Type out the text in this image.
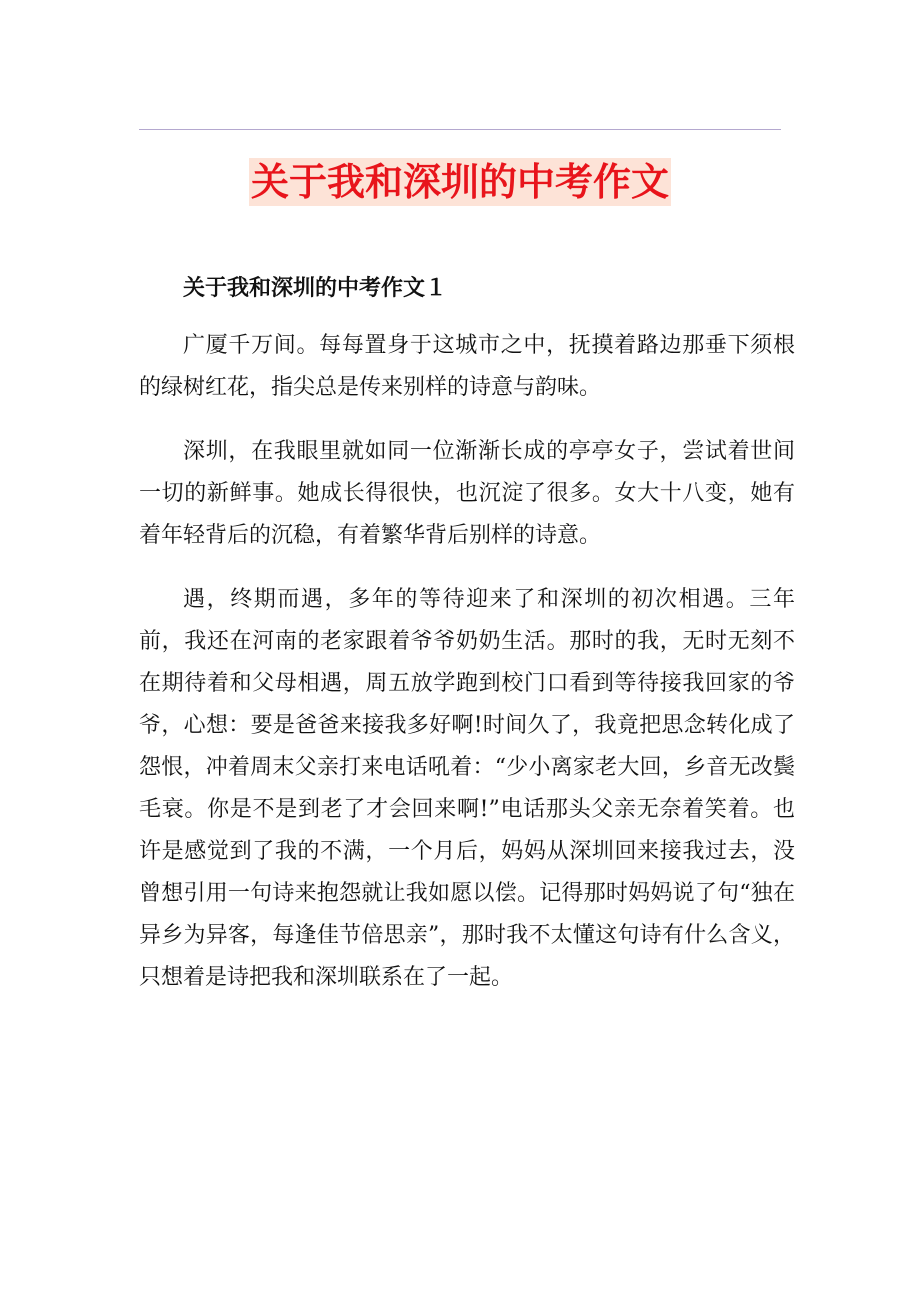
关于我和深圳的中考作文
关于我和深圳的中考作文１

广厦千万间。每每置身于这城市之中，抚摸着路边那垂下须根的绿树红花，指尖总是传来别样的诗意与韵味。

深圳，在我眼里就如同一位渐渐长成的亭亭女子，尝试着世间一切的新鲜事。她成长得很快，也沉淀了很多。女大十八变，她有着年轻背后的沉稳，有着繁华背后别样的诗意。

遇，终期而遇，多年的等待迎来了和深圳的初次相遇。三年前，我还在河南的老家跟着爷爷奶奶生活。那时的我，无时无刻不在期待着和父母相遇，周五放学跑到校门口看到等待接我回家的爷爷，心想：要是爸爸来接我多好啊!时间久了，我竟把思念转化成了怨恨，冲着周末父亲打来电话吼着：“少小离家老大回，乡音无改鬓毛衰。你是不是到老了才会回来啊!”电话那头父亲无奈着笑着。也许是感觉到了我的不满，一个月后，妈妈从深圳回来接我过去，没曾想引用一句诗来抱怨就让我如愿以偿。记得那时妈妈说了句“独在异乡为异客，每逢佳节倍思亲”，那时我不太懂这句诗有什么含义，只想着是诗把我和深圳联系在了一起。
